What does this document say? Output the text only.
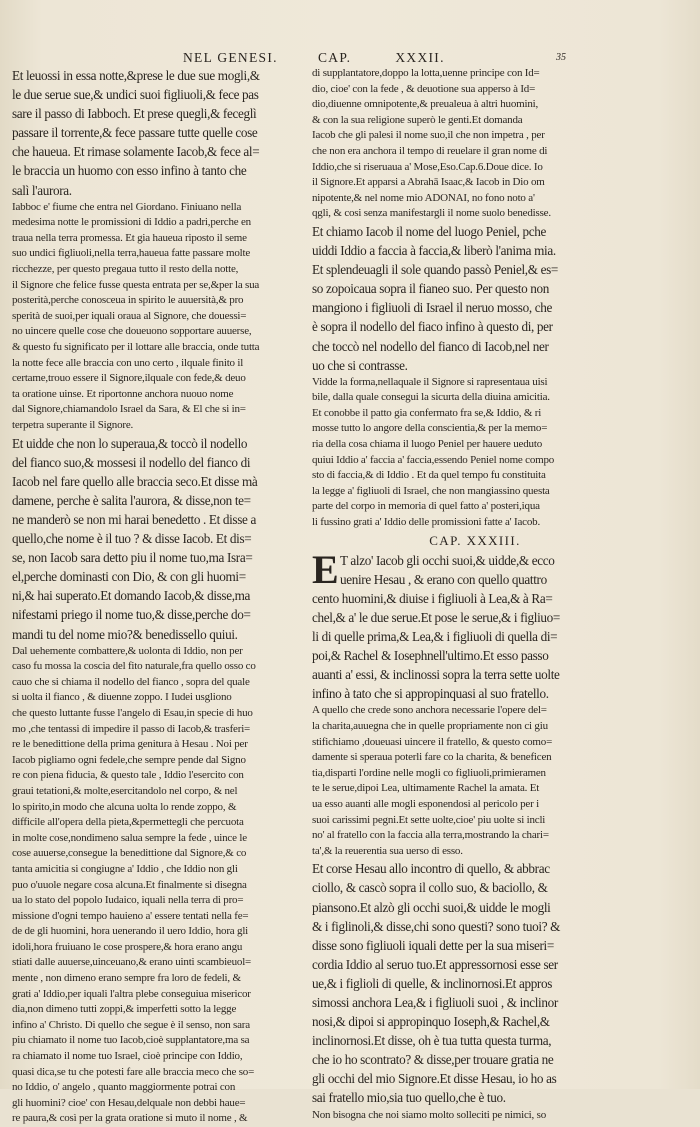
NEL GENESI.	CAP.	XXXII.	35
Et leuossi in essa notte,&prese le due sue mogli,&
le due serue sue,& undici suoi figliuoli,& fece pas
sare il passo di Iabboch. Et prese quegli,& feceglì
passare il torrente,& fece passare tutte quelle cose
che haueua. Et rimase solamente Iacob,& fece al=
le braccia un huomo con esso infino à tanto che
salì l'aurora.
Iabboc e' fiume che entra nel Giordano. Finiuano nella
medesima notte le promissioni di Iddio a padri,perche en
traua nella terra promessa. Et gia haueua riposto il seme
suo undici figliuoli,nella terra,haueua fatte passare molte
ricchezze, per questo pregaua tutto il resto della notte,
il Signore che felice fusse questa entrata per se,&per la sua
posterità,perche conosceua in spirito le auuersità,& pro
sperità de suoi,per iquali oraua al Signore, che douessi=
no uincere quelle cose che doueuono sopportare auuerse,
& questo fu significato per il lottare alle braccia, onde tutta
la notte fece alle braccia con uno certo , ilquale finito il
certame,trouo essere il Signore,ilquale con fede,& deuo
ta oratione uinse. Et riportonne anchora nuouo nome
dal Signore,chiamandolo Israel da Sara, & El che si in=
terpetra superante il Signore.
Et uidde che non lo superaua,& toccò il nodello
del fianco suo,& mossesi il nodello del fianco di
Iacob nel fare quello alle braccia seco.Et disse mà
damene, perche è salita l'aurora, & disse,non te=
ne manderò se non mi harai benedetto . Et disse a
quello,che nome è il tuo ? & disse Iacob. Et dis=
se, non Iacob sara detto piu il nome tuo,ma Isra=
el,perche dominasti con Dio, & con gli huomi=
ni,& hai superato.Et domando Iacob,& disse,ma
nifestami priego il nome tuo,& disse,perche do=
mandi tu del nome mio?& benedissello quiui.
Dal uehemente combattere,& uolonta di Iddio, non per
caso fu mossa la coscia del fito naturale,fra quello osso co
cauo che si chiama il nodello del fianco , sopra del quale
si uolta il fianco , & diuenne zoppo. I Iudei usgliono
che questo luttante fusse l'angelo di Esau,in specie di huo
mo ,che tentassi di impedire il passo di Iacob,& trasferi=
re le benedittione della prima genitura à Hesau . Noi per
Iacob pigliamo ogni fedele,che sempre pende dal Signo
re con piena fiducia, & questo tale , Iddio l'esercito con
graui tetationi,& molte,esercitandolo nel corpo, & nel
lo spirito,in modo che alcuna uolta lo rende zoppo, &
difficile all'opera della pieta,&permettegli che percuota
in molte cose,nondimeno salua sempre la fede , uince le
cose auuerse,consegue la benedittione dal Signore,& co
tanta amicitia si congiugne a' Iddio , che Iddio non gli
puo o'uuole negare cosa alcuna.Et finalmente si disegna
ua lo stato del popolo Iudaico, iquali nella terra di pro=
missione d'ogni tempo hauieno a' essere tentati nella fe=
de de gli huomini, hora uenerando il uero Iddio, hora gli
idoli,hora fruiuano le cose prospere,& hora erano angu
stiati dalle auuerse,uinceuano,& erano uinti scambieuol=
mente , non dimeno erano sempre fra loro de fedeli, &
grati a' Iddio,per iquali l'altra plebe conseguiua misericor
dia,non dimeno tutti zoppi,& imperfetti sotto la legge
infino a' Christo. Di quello che segue è il senso, non sara
piu chiamato il nome tuo Iacob,cioè supplantatore,ma sa
ra chiamato il nome tuo Israel, cioè principe con Iddio,
quasi dica,se tu che potesti fare alle braccia meco che so=
no Iddio, o' angelo , quanto maggiormente potrai con
gli huomini? cioe' con Hesau,delquale non debbi haue=
re paura,& così per la grata oratione si muto il nome , &
di supplantatore,doppo la lotta,uenne principe con Id=
dio, cioe' con la fede , & deuotione sua apperso à Id=
dio,diuenne omnipotente,& preualeua à altri huomini,
& con la sua religione superò le genti.Et domanda
Iacob che gli palesi il nome suo,il che non impetra , per
che non era anchora il tempo di reuelare il gran nome di
Iddio,che si riseruaua a' Mose,Eso.Cap.6.Doue dice. Io
il Signore.Et apparsi a Abrahā Isaac,& Iacob in Dio om
nipotente,& nel nome mio ADONAI, no fono noto a'
qgli, & cosi senza manifestargli il nome suolo benedisse.
Et chiamo Iacob il nome del luogo Peniel, pche
uiddi Iddio a faccia à faccia,& liberò l'anima mia.
Et splendeuagli il sole quando passò Peniel,& es=
so zopoicaua sopra il fianeo suo. Per questo non
mangiono i figliuoli di Israel il neruo mosso, che
è sopra il nodello del fiaco infino à questo di, per
che toccò nel nodello del fianco di Iacob,nel ner
uo che si contrasse.
Vidde la forma,nellaquale il Signore si rapresentaua uisi
bile, dalla quale consegui la sicurta della diuina amicitia.
Et conobbe il patto gia confermato fra se,& Iddio, & ri
mosse tutto lo angore della conscientia,& per la memo=
ria della cosa chiama il luogo Peniel per hauere ueduto
quiui Iddio a' faccia a' faccia,essendo Peniel nome compo
sto di faccia,& di Iddio . Et da quel tempo fu constituita
la legge a' figliuoli di Israel, che non mangiassino questa
parte del corpo in memoria di quel fatto a' posteri,iqua
li fussino grati a' Iddio delle promissioni fatte a' Iacob.
CAP. XXXIII.
E T alzo' Iacob gli occhi suoi,& uidde,& ecco
uenire Hesau , & erano con quello quattro
cento huomini,& diuise i figliuoli à Lea,& à Ra=
chel,& a' le due serue.Et pose le serue,& i figliuo=
li di quelle prima,& Lea,& i figliuoli di quella di=
poi,& Rachel & Iosephnell'ultimo.Et esso passo
auanti a' essi, & inclinossi sopra la terra sette uolte
infino à tato che si appropinquasi al suo fratello.
A quello che crede sono anchora necessarie l'opere del=
la charita,auuegna che in quelle propriamente non ci giu
stifichiamo ,doueuasi uincere il fratello, & questo como=
damente si speraua poterli fare co la charita, & beneficen
tia,disparti l'ordine nelle mogli co figliuoli,primieramen
te le serue,dipoi Lea, ultimamente Rachel la amata. Et
ua esso auanti alle mogli esponendosi al pericolo per i
suoi carissimi pegni.Et sette uolte,cioe' piu uolte si incli
no' al fratello con la faccia alla terra,mostrando la chari=
ta',& la reuerentia sua uerso di esso.
Et corse Hesau allo incontro di quello, & abbrac
ciollo, & cascò sopra il collo suo, & baciollo, &
piansono.Et alzò gli occhi suoi,& uidde le mogli
& i figlinoli,& disse,chi sono questi? sono tuoi? &
disse sono figliuoli iquali dette per la sua miseri=
cordia Iddio al seruo tuo.Et appressornosi esse ser
ue,& i figlioli di quelle, & inclinornosi.Et appros
simossi anchora Lea,& i figliuoli suoi , & inclinor
nosi,& dipoi si appropinquo Ioseph,& Rachel,&
inclinornosi.Et disse, oh è tua tutta questa turma,
che io ho scontrato? & disse,per trouare gratia ne
gli occhi del mio Signore.Et disse Hesau, io ho as
sai fratello mio,sia tuo quello,che è tuo.
Non bisogna che noi siamo molto solleciti pe nimici, so
